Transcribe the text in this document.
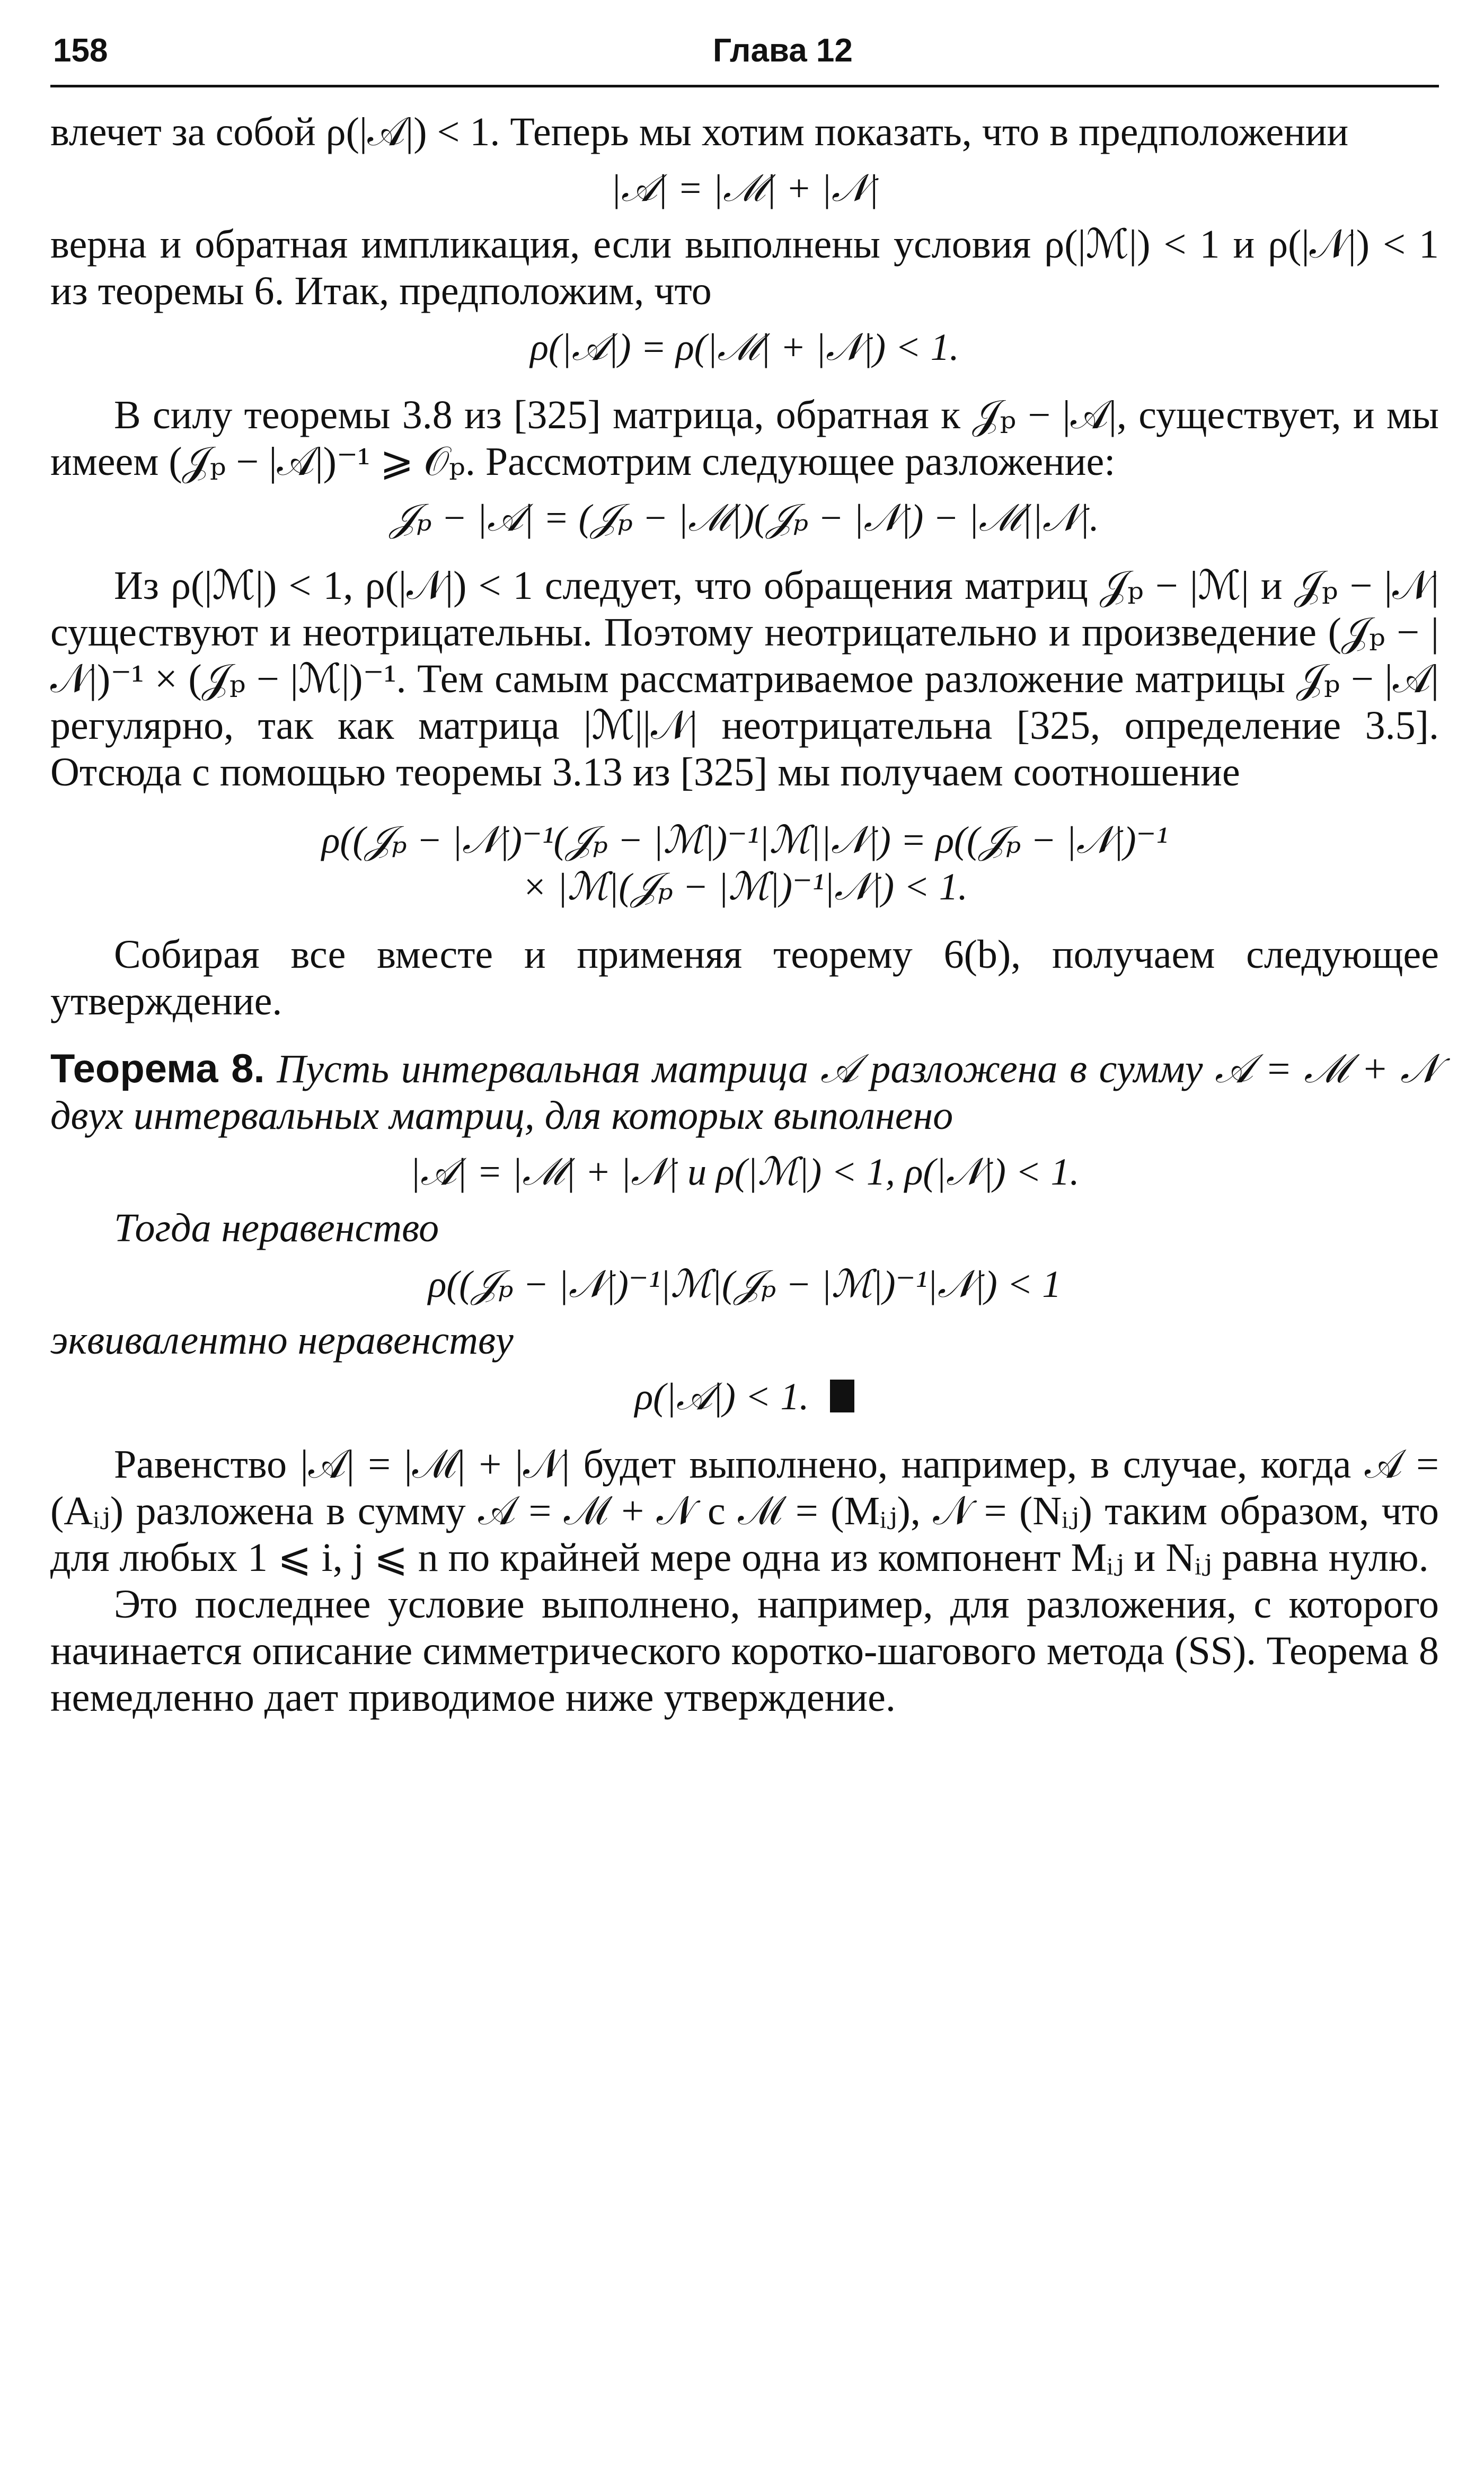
158	Глава 12

влечет за собой ρ(|𝒜|) < 1. Теперь мы хотим показать, что в предположении

|𝒜| = |ℳ| + |𝒩|

верна и обратная импликация, если выполнены условия ρ(|ℳ|) < 1 и ρ(|𝒩|) < 1 из теоремы 6. Итак, предположим, что

ρ(|𝒜|) = ρ(|ℳ| + |𝒩|) < 1.

В силу теоремы 3.8 из [325] матрица, обратная к 𝒥ₚ − |𝒜|, существует, и мы имеем (𝒥ₚ − |𝒜|)⁻¹ ⩾ 𝒪ₚ. Рассмотрим следующее разложение:

𝒥ₚ − |𝒜| = (𝒥ₚ − |ℳ|)(𝒥ₚ − |𝒩|) − |ℳ||𝒩|.

Из ρ(|ℳ|) < 1, ρ(|𝒩|) < 1 следует, что обращения матриц 𝒥ₚ − |ℳ| и 𝒥ₚ − |𝒩| существуют и неотрицательны. Поэтому неотрицательно и произведение (𝒥ₚ − |𝒩|)⁻¹ × (𝒥ₚ − |ℳ|)⁻¹. Тем самым рассматриваемое разложение матрицы 𝒥ₚ − |𝒜| регулярно, так как матрица |ℳ||𝒩| неотрицательна [325, определение 3.5]. Отсюда с помощью теоремы 3.13 из [325] мы получаем соотношение

ρ((𝒥ₚ − |𝒩|)⁻¹(𝒥ₚ − |ℳ|)⁻¹|ℳ||𝒩|) = ρ((𝒥ₚ − |𝒩|)⁻¹

× |ℳ|(𝒥ₚ − |ℳ|)⁻¹|𝒩|) < 1.

Собирая все вместе и применяя теорему 6(b), получаем следующее утверждение.

Теорема 8. Пусть интервальная матрица 𝒜 разложена в сумму 𝒜 = ℳ + 𝒩 двух интервальных матриц, для которых выполнено

|𝒜| = |ℳ| + |𝒩| и ρ(|ℳ|) < 1, ρ(|𝒩|) < 1.

Тогда неравенство

ρ((𝒥ₚ − |𝒩|)⁻¹|ℳ|(𝒥ₚ − |ℳ|)⁻¹|𝒩|) < 1

эквивалентно неравенству

ρ(|𝒜|) < 1.

Равенство |𝒜| = |ℳ| + |𝒩| будет выполнено, например, в случае, когда 𝒜 = (Aᵢⱼ) разложена в сумму 𝒜 = ℳ + 𝒩 с ℳ = (Mᵢⱼ), 𝒩 = (Nᵢⱼ) таким образом, что для любых 1 ⩽ i, j ⩽ n по крайней мере одна из компонент Mᵢⱼ и Nᵢⱼ равна нулю.

Это последнее условие выполнено, например, для разложения, с которого начинается описание симметрического коротко-шагового метода (SS). Теорема 8 немедленно дает приводимое ниже утверждение.
